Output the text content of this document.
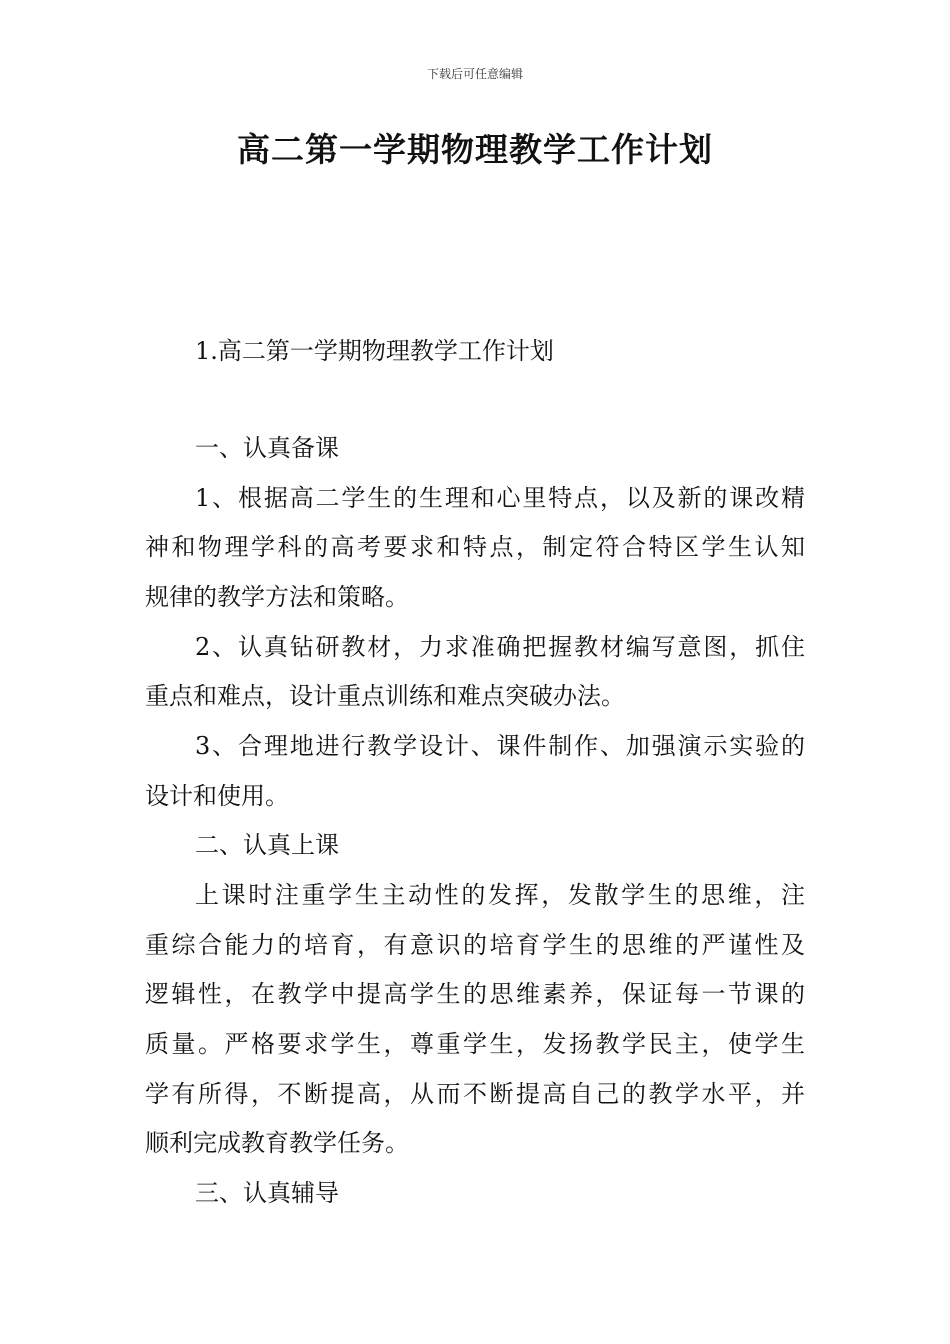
下载后可任意编辑
高二第一学期物理教学工作计划
1.高二第一学期物理教学工作计划
一、认真备课
1、根据高二学生的生理和心里特点，以及新的课改精
神和物理学科的高考要求和特点，制定符合特区学生认知
规律的教学方法和策略。
2、认真钻研教材，力求准确把握教材编写意图，抓住
重点和难点，设计重点训练和难点突破办法。
3、合理地进行教学设计、课件制作、加强演示实验的
设计和使用。
二、认真上课
上课时注重学生主动性的发挥，发散学生的思维，注
重综合能力的培育，有意识的培育学生的思维的严谨性及
逻辑性，在教学中提高学生的思维素养，保证每一节课的
质量。严格要求学生，尊重学生，发扬教学民主，使学生
学有所得，不断提高，从而不断提高自己的教学水平，并
顺利完成教育教学任务。
三、认真辅导
